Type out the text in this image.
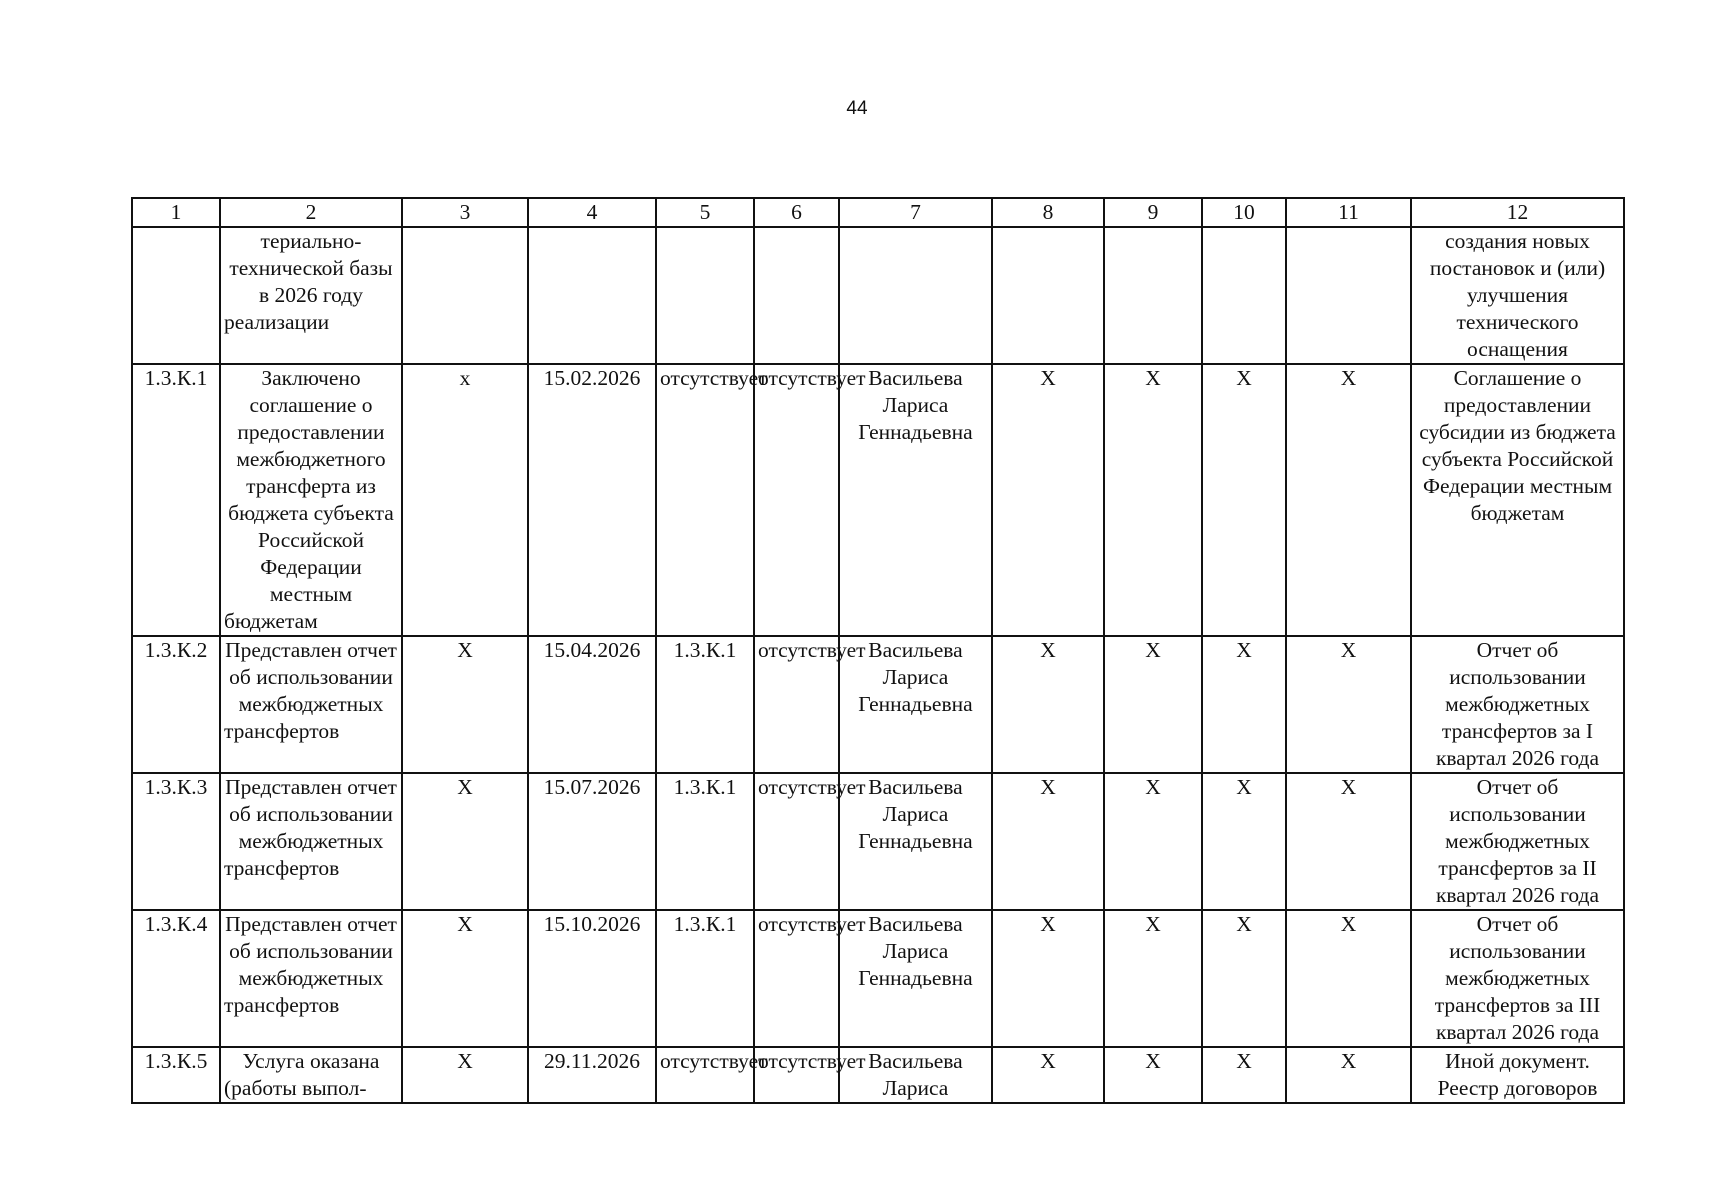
44
1	2	3	4	5	6	7	8	9	10	11	12
	териально-технической базы в 2026 году реализации										создания новых постановок и (или) улучшения технического оснащения
1.3.К.1	Заключено соглашение о предоставлении межбюджетного трансферта из бюджета субъекта Российской Федерации местным бюджетам	х	15.02.2026	отсутствует	отсутствует	Васильева Лариса Геннадьевна	Х	Х	Х	Х	Соглашение о предоставлении субсидии из бюджета субъекта Российской Федерации местным бюджетам
1.3.К.2	Представлен отчет об использовании межбюджетных трансфертов	Х	15.04.2026	1.3.К.1	отсутствует	Васильева Лариса Геннадьевна	Х	Х	Х	Х	Отчет об использовании межбюджетных трансфертов за I квартал 2026 года
1.3.К.3	Представлен отчет об использовании межбюджетных трансфертов	Х	15.07.2026	1.3.К.1	отсутствует	Васильева Лариса Геннадьевна	Х	Х	Х	Х	Отчет об использовании межбюджетных трансфертов за II квартал 2026 года
1.3.К.4	Представлен отчет об использовании межбюджетных трансфертов	Х	15.10.2026	1.3.К.1	отсутствует	Васильева Лариса Геннадьевна	Х	Х	Х	Х	Отчет об использовании межбюджетных трансфертов за III квартал 2026 года
1.3.К.5	Услуга оказана (работы выпол-	Х	29.11.2026	отсутствует	отсутствует	Васильева Лариса	Х	Х	Х	Х	Иной документ. Реестр договоров
